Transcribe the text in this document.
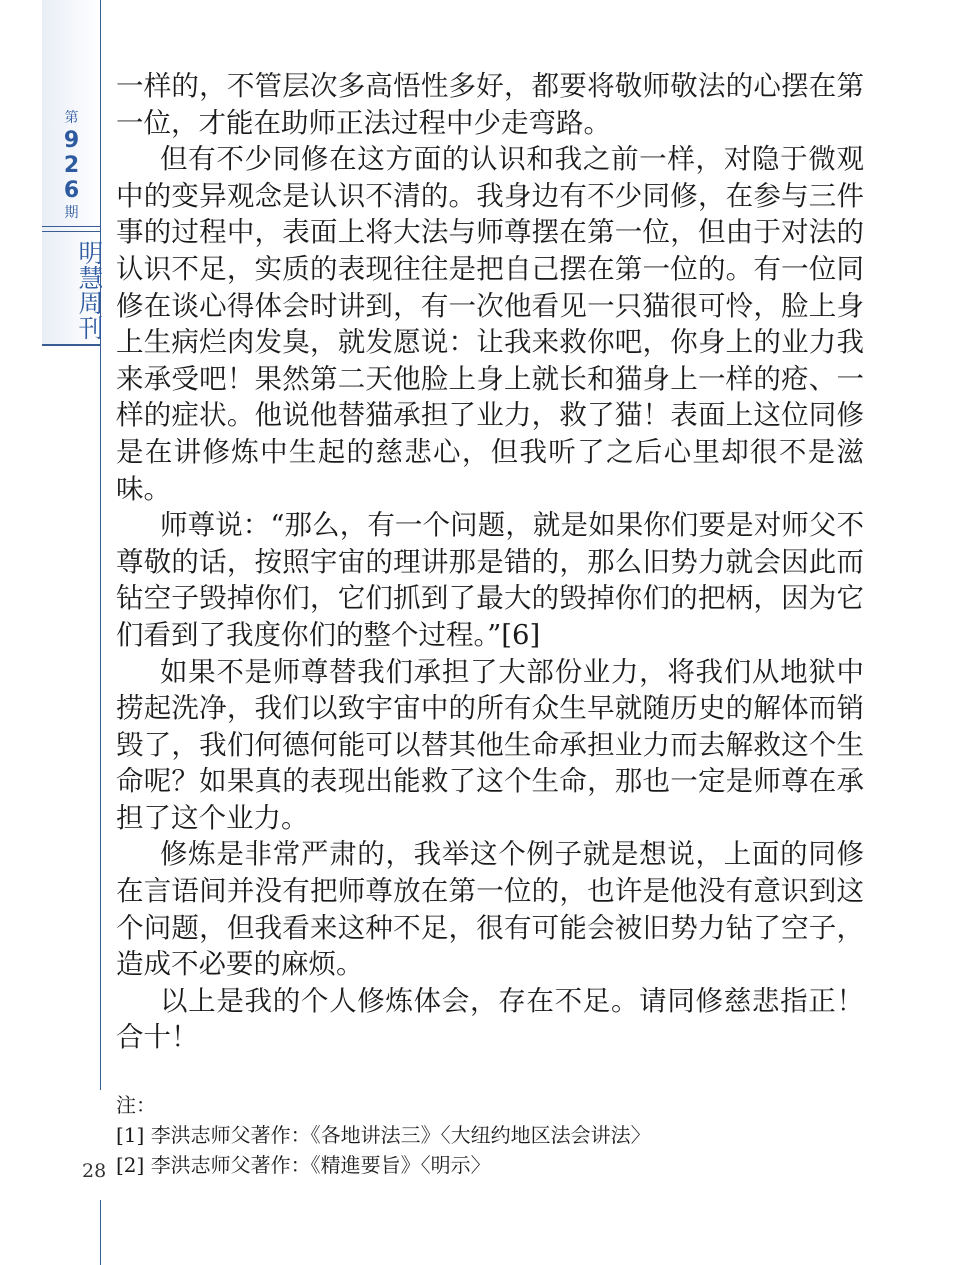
第
9
2
6
期
明慧周刊

一样的，不管层次多高悟性多好，都要将敬师敬法的心摆在第一位，才能在助师正法过程中少走弯路。

但有不少同修在这方面的认识和我之前一样，对隐于微观中的变异观念是认识不清的。我身边有不少同修，在参与三件事的过程中，表面上将大法与师尊摆在第一位，但由于对法的认识不足，实质的表现往往是把自己摆在第一位的。有一位同修在谈心得体会时讲到，有一次他看见一只猫很可怜，脸上身上生病烂肉发臭，就发愿说：让我来救你吧，你身上的业力我来承受吧！果然第二天他脸上身上就长和猫身上一样的疮、一样的症状。他说他替猫承担了业力，救了猫！表面上这位同修是在讲修炼中生起的慈悲心，但我听了之后心里却很不是滋味。

师尊说：“那么，有一个问题，就是如果你们要是对师父不尊敬的话，按照宇宙的理讲那是错的，那么旧势力就会因此而钻空子毁掉你们，它们抓到了最大的毁掉你们的把柄，因为它们看到了我度你们的整个过程。”[6]

如果不是师尊替我们承担了大部份业力，将我们从地狱中捞起洗净，我们以致宇宙中的所有众生早就随历史的解体而销毁了，我们何德何能可以替其他生命承担业力而去解救这个生命呢？如果真的表现出能救了这个生命，那也一定是师尊在承担了这个业力。

修炼是非常严肃的，我举这个例子就是想说，上面的同修在言语间并没有把师尊放在第一位的，也许是他没有意识到这个问题，但我看来这种不足，很有可能会被旧势力钻了空子，造成不必要的麻烦。

以上是我的个人修炼体会，存在不足。请同修慈悲指正！合十！

注：
[1] 李洪志师父著作：《各地讲法三》〈大纽约地区法会讲法〉
[2] 李洪志师父著作：《精進要旨》〈明示〉
28
